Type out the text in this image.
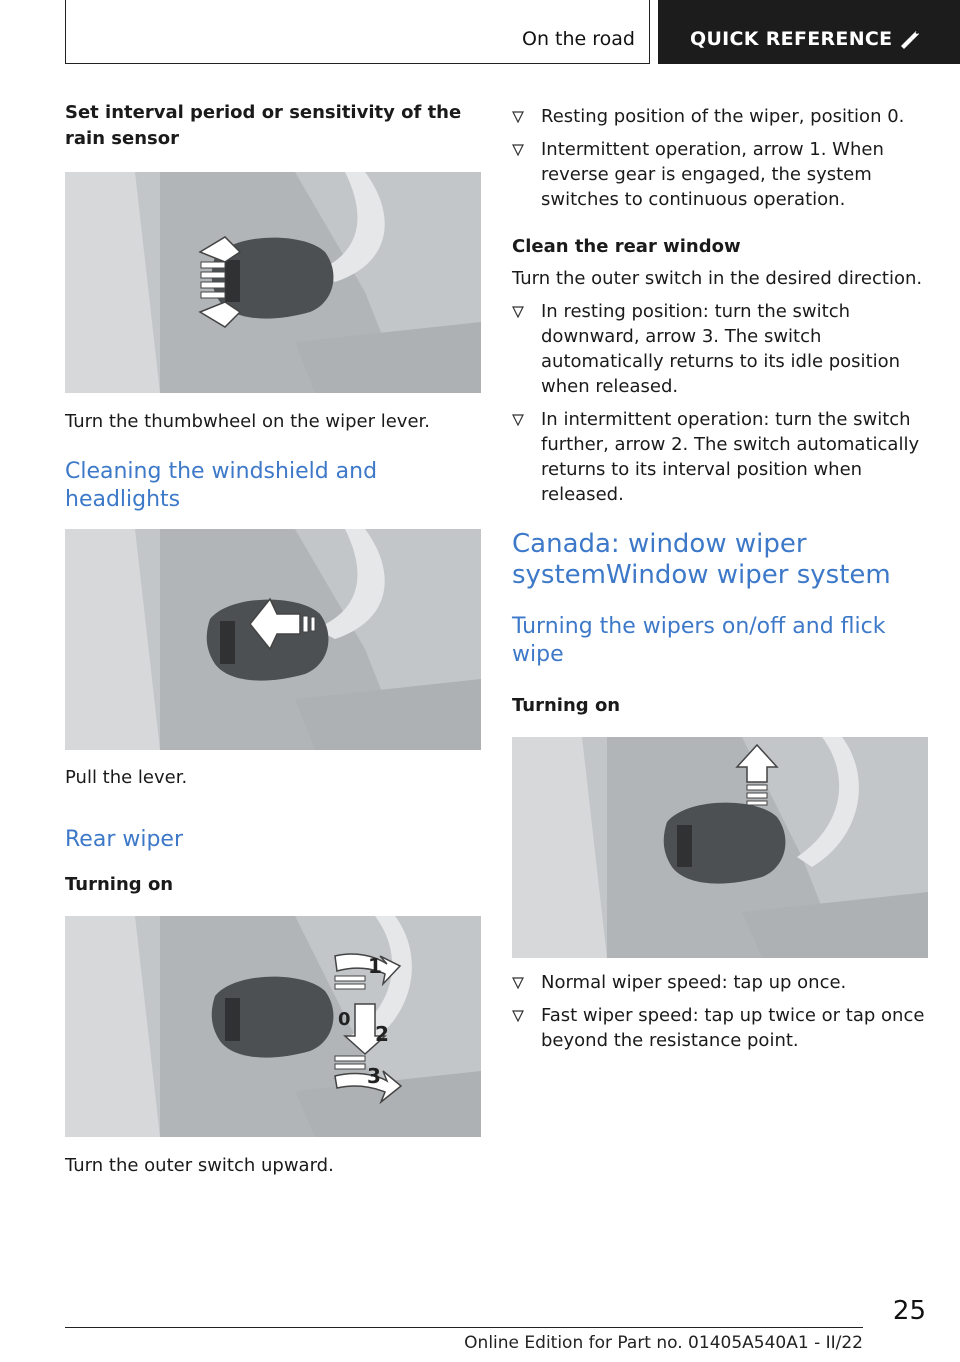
On the road	QUICK REFERENCE
Set interval period or sensitivity of the rain sensor
Turn the thumbwheel on the wiper lever.
Cleaning the windshield and headlights
Pull the lever.
Rear wiper
Turning on
1
0
2
3
Turn the outer switch upward.
Resting position of the wiper, position 0.
Intermittent operation, arrow 1. When reverse gear is engaged, the system switches to continuous operation.
Clean the rear window
Turn the outer switch in the desired direction.
In resting position: turn the switch downward, arrow 3. The switch automatically returns to its idle position when released.
In intermittent operation: turn the switch further, arrow 2. The switch automatically returns to its interval position when released.
Canada: window wiper systemWindow wiper system
Turning the wipers on/off and flick wipe
Turning on
Normal wiper speed: tap up once.
Fast wiper speed: tap up twice or tap once beyond the resistance point.
25
Online Edition for Part no. 01405A540A1 - II/22
